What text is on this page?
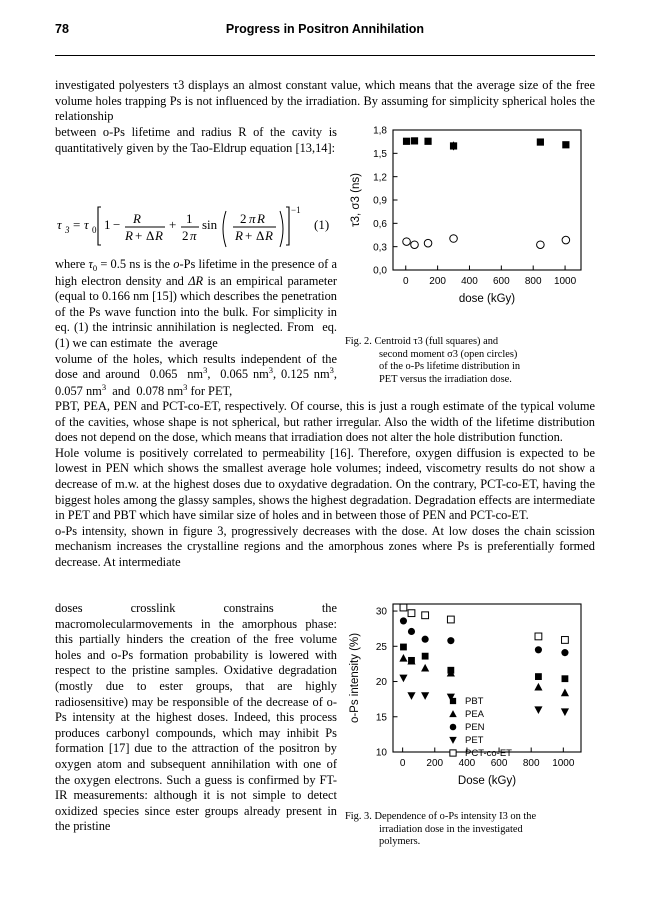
78	Progress in Positron Annihilation
investigated polyesters τ3 displays an almost constant value, which means that the average size of the free volume holes trapping Ps is not influenced by the irradiation. By assuming for simplicity spherical holes the relationship
between o-Ps lifetime and radius R of the cavity is quantitatively given by the Tao-Eldrup equation [13,14]:
τ 3 = τ 0 1 − R
R + Δ R
+ 1
2 π
sin 2 π R
R + Δ R
−1
(1)
where $\tau_0 = 0.5$ ns is the o-Ps lifetime in the presence of a high electron density and ΔR is an empirical parameter (equal to 0.166 nm [15]) which describes the penetration of the Ps wave function into the bulk. For simplicity in eq. (1) the intrinsic annihilation is neglected. From  eq. (1) we can estimate  the  average
volume of the holes, which results independent of the dose and around  0.065  $nm^3$,  0.065 $nm^3$, 0.125 $nm^3$, 0.057 $nm^3$  and  0.078 $nm^3$ for PET,
PBT, PEA, PEN and PCT-co-ET, respectively. Of course, this is just a rough estimate of the typical volume of the cavities, whose shape is not spherical, but rather irregular. Also the width of the lifetime distribution does not depend on the dose, which means that irradiation does not alter the hole distribution function.
Hole volume is positively correlated to permeability [16]. Therefore, oxygen diffusion is expected to be lowest in PEN which shows the smallest average hole volumes; indeed, viscometry results do not show a decrease of m.w. at the highest doses due to oxydative degradation. On the contrary, PCT-co-ET, having the biggest holes among the glassy samples, shows the highest degradation. Degradation effects are intermediate in PET and PBT which have similar size of holes and in between those of PEN and PCT-co-ET.
o-Ps intensity, shown in figure 3, progressively decreases with the dose. At low doses the chain scission mechanism increases the crystalline regions and the amorphous zones where Ps is preferentially formed decrease. At intermediate
doses crosslink constrains the macromolecularmovements in the amorphous phase: this partially hinders the creation of the free volume holes and o-Ps formation probability is lowered with respect to the pristine samples. Oxidative degradation (mostly due to ester groups, that are highly radiosensitive) may be responsible of the decrease of o-Ps intensity at the highest doses. Indeed, this process produces carbonyl compounds, which may inhibit Ps formation [17] due to the attraction of the positron by oxygen atom and subsequent annihilation with one of the oxygen electrons. Such a guess is confirmed by FT-IR measurements: although it is not simple to detect oxidized species since ester groups already present in the pristine
0 200 400 600 800 1000
0,0
0,3
0,6
0,9
1,2
1,5
1,8
dose (kGy)
τ3, σ3 (ns)
Fig. 2. Centroid τ3 (full squares) and
second moment σ3 (open circles)
of the o-Ps lifetime distribution in
PET versus the irradiation dose.
0 200 400 600 800 1000
10
15
20
25
30
Dose (kGy)
o-Ps intensity (%)	PBT
PEA
PEN
PET
PCT-co-ET
Fig. 3. Dependence of o-Ps intensity I3 on the
irradiation dose in the investigated
polymers.
